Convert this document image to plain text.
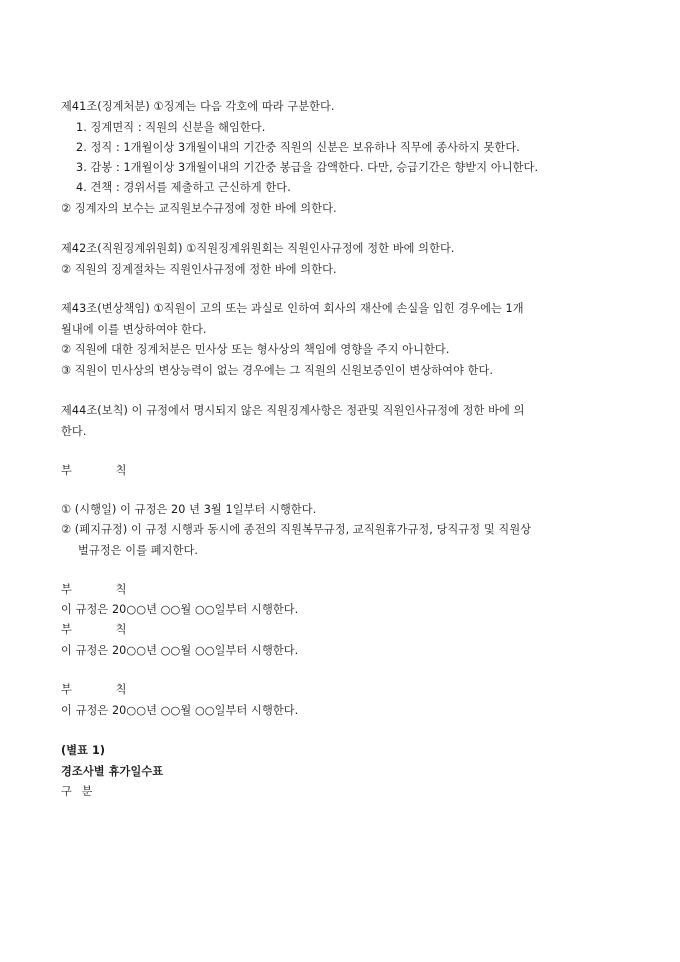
제41조(징계처분) ①징계는 다음 각호에 따라 구분한다.
1. 징계면직 : 직원의 신분을 해임한다.
2. 정직 : 1개월이상 3개월이내의 기간중 직원의 신분은 보유하나 직무에 종사하지 못한다.
3. 감봉 : 1개월이상 3개월이내의 기간중 봉급을 감액한다. 다만, 승급기간은 향받지 아니한다.
4. 견책 : 경위서를 제출하고 근신하게 한다.
② 징계자의 보수는 교직원보수규정에 정한 바에 의한다.
제42조(직원징계위원회) ①직원징계위원회는 직원인사규정에 정한 바에 의한다.
② 직원의 징계절차는 직원인사규정에 정한 바에 의한다.
제43조(변상책임) ①직원이 고의 또는 과실로 인하여 회사의 재산에 손실을 입힌 경우에는 1개
월내에 이를 변상하여야 한다.
② 직원에 대한 징계처분은 민사상 또는 형사상의 책임에 영향을 주지 아니한다.
③ 직원이 민사상의 변상능력이 없는 경우에는 그 직원의 신원보증인이 변상하여야 한다.
제44조(보칙) 이 규정에서 명시되지 않은 직원징계사항은 정관및 직원인사규정에 정한 바에 의
한다.
부 칙
① (시행일) 이 규정은 20 년 3월 1일부터 시행한다.
② (폐지규정) 이 규정 시행과 동시에 종전의 직원복무규정, 교직원휴가규정, 당직규정 및 직원상
벌규정은 이를 폐지한다.
부 칙
이 규정은 20○○년 ○○월 ○○일부터 시행한다.
부 칙
이 규정은 20○○년 ○○월 ○○일부터 시행한다.
부 칙
이 규정은 20○○년 ○○월 ○○일부터 시행한다.
(별표 1)
경조사별 휴가일수표
구 분
